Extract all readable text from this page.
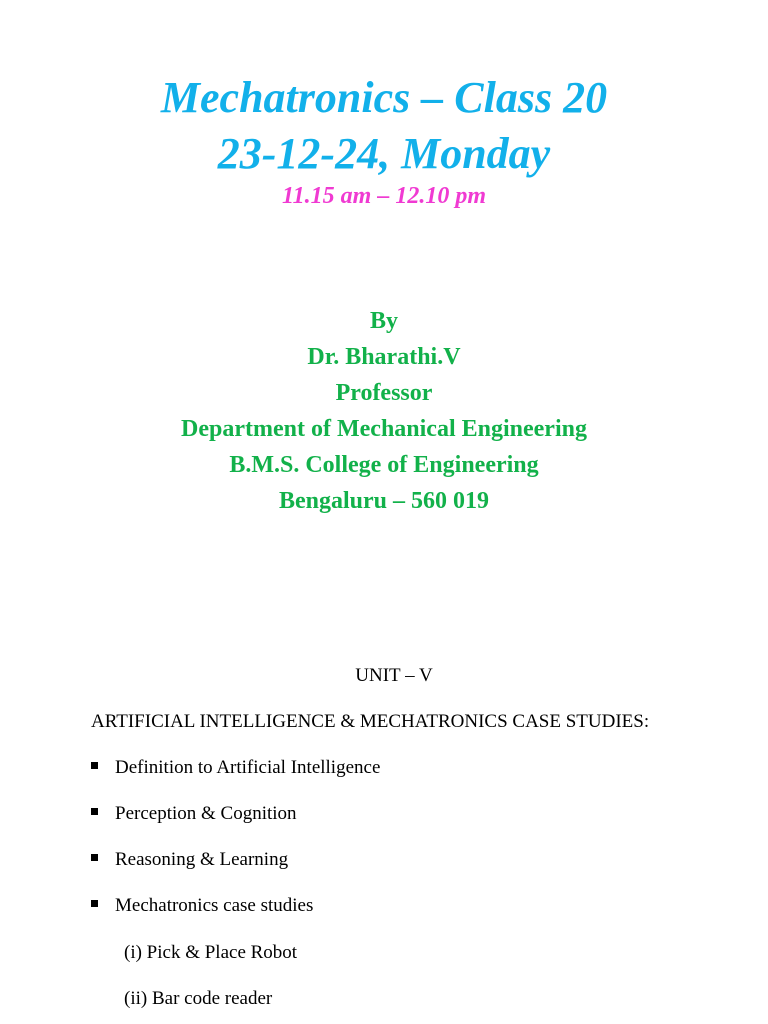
Mechatronics – Class 20
23-12-24, Monday
11.15 am – 12.10 pm
By
Dr. Bharathi.V
Professor
Department of Mechanical Engineering
B.M.S. College of Engineering
Bengaluru – 560 019
UNIT – V
ARTIFICIAL INTELLIGENCE & MECHATRONICS CASE STUDIES:
Definition to Artificial Intelligence
Perception & Cognition
Reasoning & Learning
Mechatronics case studies
(i) Pick & Place Robot
(ii) Bar code reader
